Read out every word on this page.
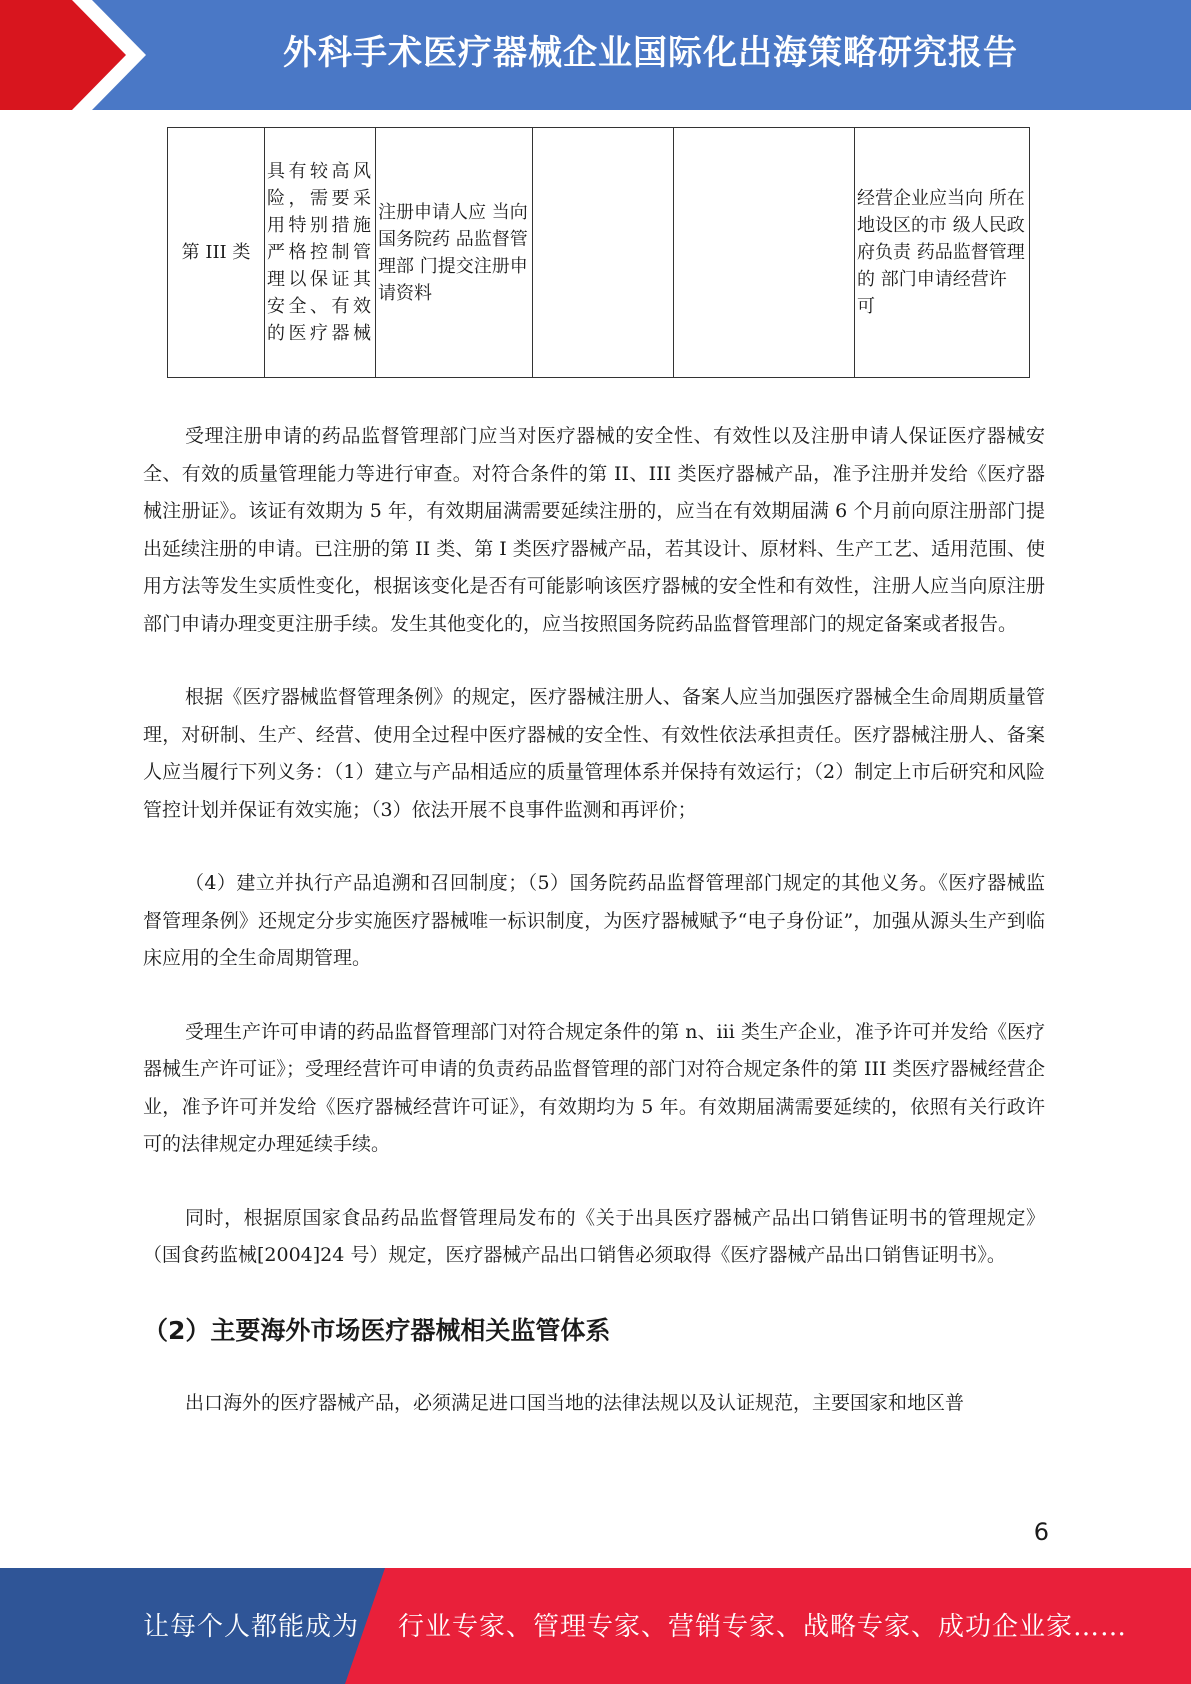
外科手术医疗器械企业国际化出海策略研究报告
第 III 类	具有较高风险，需要采用特别措施严格控制管理以保证其安全、有效的医疗器械	注册申请人应 当向国务院药 品监督管理部 门提交注册申 请资料			经营企业应当向 所在地设区的市 级人民政府负责 药品监督管理的 部门申请经营许 可

受理注册申请的药品监督管理部门应当对医疗器械的安全性、有效性以及注册申请人保证医疗器械安全、有效的质量管理能力等进行审查。对符合条件的第 II、III 类医疗器械产品，准予注册并发给《医疗器械注册证》。该证有效期为 5 年，有效期届满需要延续注册的，应当在有效期届满 6 个月前向原注册部门提出延续注册的申请。已注册的第 II 类、第 I 类医疗器械产品，若其设计、原材料、生产工艺、适用范围、使用方法等发生实质性变化，根据该变化是否有可能影响该医疗器械的安全性和有效性，注册人应当向原注册部门申请办理变更注册手续。发生其他变化的，应当按照国务院药品监督管理部门的规定备案或者报告。

根据《医疗器械监督管理条例》的规定，医疗器械注册人、备案人应当加强医疗器械全生命周期质量管理，对研制、生产、经营、使用全过程中医疗器械的安全性、有效性依法承担责任。医疗器械注册人、备案人应当履行下列义务：（1）建立与产品相适应的质量管理体系并保持有效运行；（2）制定上市后研究和风险管控计划并保证有效实施；（3）依法开展不良事件监测和再评价；

（4）建立并执行产品追溯和召回制度；（5）国务院药品监督管理部门规定的其他义务。《医疗器械监督管理条例》还规定分步实施医疗器械唯一标识制度，为医疗器械赋予“电子身份证”，加强从源头生产到临床应用的全生命周期管理。

受理生产许可申请的药品监督管理部门对符合规定条件的第 n、iii 类生产企业，准予许可并发给《医疗器械生产许可证》；受理经营许可申请的负责药品监督管理的部门对符合规定条件的第 III 类医疗器械经营企业，准予许可并发给《医疗器械经营许可证》，有效期均为 5 年。有效期届满需要延续的，依照有关行政许可的法律规定办理延续手续。

同时，根据原国家食品药品监督管理局发布的《关于出具医疗器械产品出口销售证明书的管理规定》（国食药监械[2004]24 号）规定，医疗器械产品出口销售必须取得《医疗器械产品出口销售证明书》。

（2）主要海外市场医疗器械相关监管体系

出口海外的医疗器械产品，必须满足进口国当地的法律法规以及认证规范，主要国家和地区普

6
让每个人都能成为 行业专家、管理专家、营销专家、战略专家、成功企业家……
